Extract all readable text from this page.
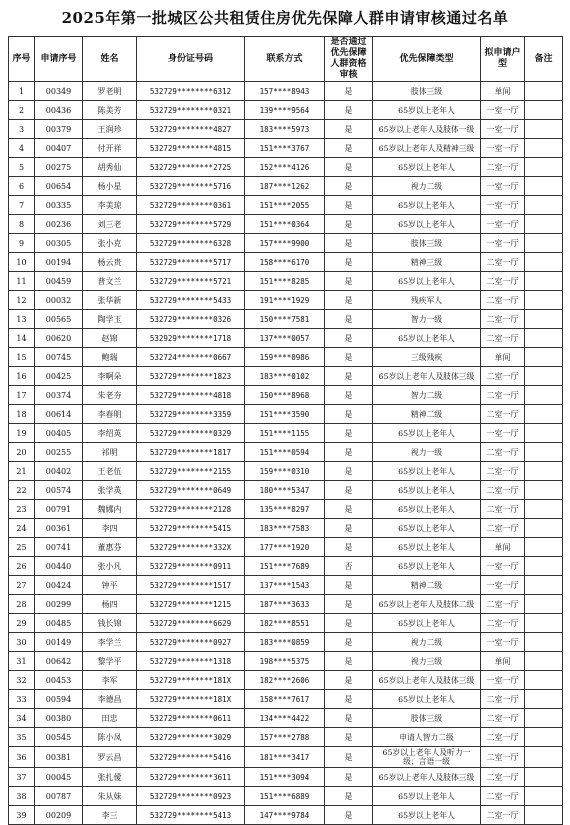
2025年第一批城区公共租赁住房优先保障人群申请审核通过名单
序号	申请序号	姓名	身份证号码	联系方式	是否通过优先保障人群资格审核	优先保障类型	拟申请户型	备注
1	00349	罗老明	532729********6312	157****8943	是	肢体三级	单间	
2	00436	陈美芳	532729********0321	139****9564	是	65岁以上老年人	一室一厅	
3	00379	王润珍	532729********4827	183****5973	是	65岁以上老年人及肢体一级	一室一厅	
4	00407	付开祥	532729********4815	151****3767	是	65岁以上老年人及精神三级	一室一厅	
5	00275	胡秀仙	532729********2725	152****4126	是	65岁以上老年人	二室一厅	
6	00654	杨小星	532729********5716	187****1262	是	视力二级	一室一厅	
7	00335	李美琼	532729********0361	151****2055	是	65岁以上老年人	一室一厅	
8	00236	刘三老	532729********5729	151****0364	是	65岁以上老年人	一室一厅	
9	00305	张小克	532729********6328	157****9900	是	肢体三级	一室一厅	
10	00194	杨云贵	532729********5717	158****6170	是	精神三级	二室一厅	
11	00459	普文兰	532729********5721	151****8285	是	65岁以上老年人	二室一厅	
12	00032	张华新	532729********5433	191****1929	是	残疾军人	二室一厅	
13	00565	陶学玉	532729********0326	150****7581	是	智力一级	二室一厅	
14	00620	赵锦	532929********1718	137****0057	是	65岁以上老年人	二室一厅	
15	00745	鲍瑞	532724********0667	159****0986	是	三级残疾	单间	
16	00425	李啊朵	532729********1823	183****0102	是	65岁以上老年人及肢体三级	二室一厅	
17	00374	朱老夯	532729********4818	150****8968	是	智力二级	二室一厅	
18	00614	李春明	532729********3359	151****3590	是	精神二级	二室一厅	
19	00405	李绍英	532729********0329	151****1155	是	65岁以上老年人	一室一厅	
20	00255	祁明	532729********1817	151****0594	是	视力一级	二室一厅	
21	00402	王老伍	532729********2155	159****0310	是	65岁以上老年人	二室一厅	
22	00574	张学英	532729********0649	180****5347	是	65岁以上老年人	二室一厅	
23	00791	魏娜内	532729********2128	135****8297	是	65岁以上老年人	二室一厅	
24	00361	李四	532729********5415	183****7583	是	65岁以上老年人	二室一厅	
25	00741	董惠芬	532729********332X	177****1920	是	65岁以上老年人	单间	
26	00440	张小凡	532729********0911	151****7689	否	65岁以上老年人	一室一厅	
27	00424	钟平	532729********1517	137****1543	是	精神二级	一室一厅	
28	00299	杨四	532729********1215	187****3633	是	65岁以上老年人及肢体二级	二室一厅	
29	00485	钱长锦	532729********6629	182****8551	是	65岁以上老年人	二室一厅	
30	00149	李学兰	532729********0927	183****0859	是	视力二级	一室一厅	
31	00642	黎学平	532729********1318	198****5375	是	视力三级	单间	
32	00453	李军	532729********181X	182****2606	是	65岁以上老年人及肢体三级	一室一厅	
33	00594	李德昌	532729********181X	158****7617	是	65岁以上老年人	二室一厅	
34	00380	田忠	532729********0611	134****4422	是	肢体三级	二室一厅	
35	00545	陈小凤	532729********3029	157****2788	是	申请人智力二级	二室一厅	
36	00381	罗云昌	532729********5416	181****3417	是	65岁以上老年人及听力一级；言语一级	二室一厅	
37	00045	张扎僾	532729********3611	151****3094	是	65岁以上老年人及肢体三级	二室一厅	
38	00787	朱从妹	532729********0923	151****6889	是	65岁以上老年人	二室一厅	
39	00209	李三	532729********5413	147****9784	是	65岁以上老年人	二室一厅	
